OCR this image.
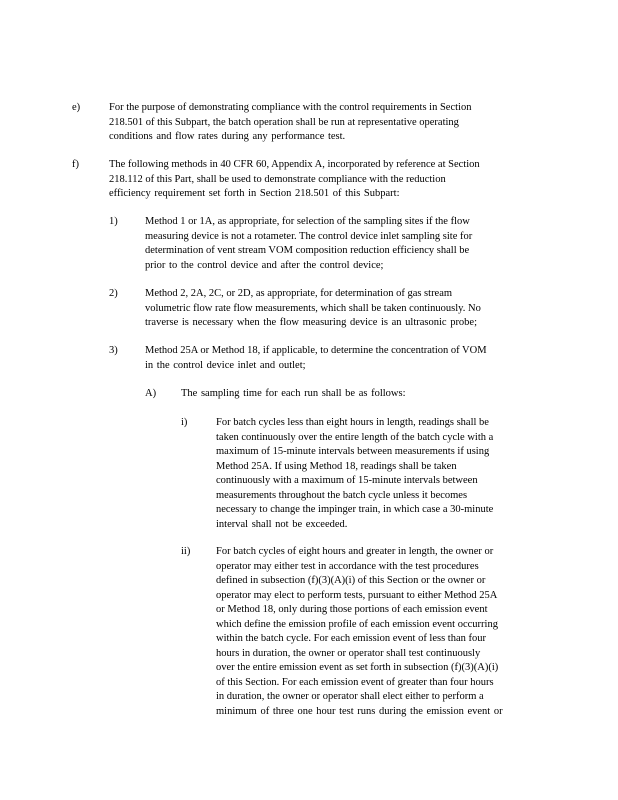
e)	For the purpose of demonstrating compliance with the control requirements in Section
218.501 of this Subpart, the batch operation shall be run at representative operating
conditions and flow rates during any performance test.
f)	The following methods in 40 CFR 60, Appendix A, incorporated by reference at Section
218.112 of this Part, shall be used to demonstrate compliance with the reduction
efficiency requirement set forth in Section 218.501 of this Subpart:
1)	Method 1 or 1A, as appropriate, for selection of the sampling sites if the flow
measuring device is not a rotameter. The control device inlet sampling site for
determination of vent stream VOM composition reduction efficiency shall be
prior to the control device and after the control device;
2)	Method 2, 2A, 2C, or 2D, as appropriate, for determination of gas stream
volumetric flow rate flow measurements, which shall be taken continuously. No
traverse is necessary when the flow measuring device is an ultrasonic probe;
3)	Method 25A or Method 18, if applicable, to determine the concentration of VOM
in the control device inlet and outlet;
A) The sampling time for each run shall be as follows:
i)	For batch cycles less than eight hours in length, readings shall be
taken continuously over the entire length of the batch cycle with a
maximum of 15-minute intervals between measurements if using
Method 25A. If using Method 18, readings shall be taken
continuously with a maximum of 15-minute intervals between
measurements throughout the batch cycle unless it becomes
necessary to change the impinger train, in which case a 30-minute
interval shall not be exceeded.
ii) For batch cycles of eight hours and greater in length, the owner or
operator may either test in accordance with the test procedures
defined in subsection (f)(3)(A)(i) of this Section or the owner or
operator may elect to perform tests, pursuant to either Method 25A
or Method 18, only during those portions of each emission event
which define the emission profile of each emission event occurring
within the batch cycle. For each emission event of less than four
hours in duration, the owner or operator shall test continuously
over the entire emission event as set forth in subsection (f)(3)(A)(i)
of this Section. For each emission event of greater than four hours
in duration, the owner or operator shall elect either to perform a
minimum of three one hour test runs during the emission event or
